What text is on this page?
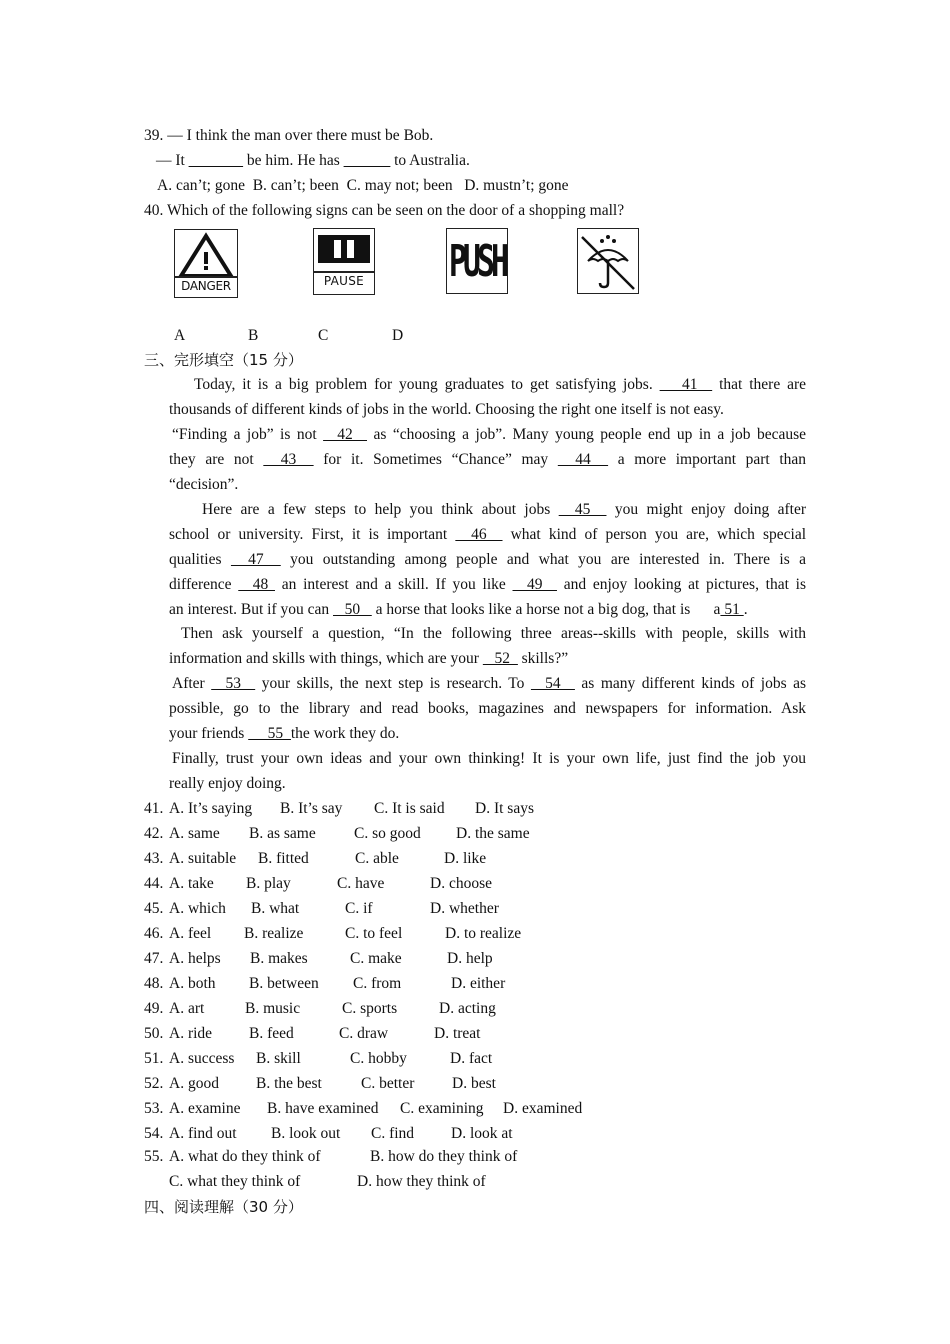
39. — I think the man over there must be Bob.
— It _______ be him. He has ______ to Australia.
A. can’t; gone  B. can’t; been  C. may not; been   D. mustn’t; gone
40. Which of the following signs can be seen on the door of a shopping mall?
DANGER	PAUSE	PUSH
A	B	C	D
三、完形填空（15 分）
Today, it is a big problem for young graduates to get satisfying jobs.  __41_  that there are
thousands of different kinds of jobs in the world. Choosing the right one itself is not easy.
“Finding a job” is not  _42_  as “choosing a job”. Many young people end up in a job because
they are not  _43_  for it. Sometimes “Chance” may  _44_  a more important part than
“decision”.
Here are a few steps to help you think about jobs  _45_  you might enjoy doing after
school or university. First, it is important  _46_  what kind of person you are, which special
qualities  _47_  you outstanding among people and what you are interested in. There is a
difference  _48  an interest and a skill. If you like  _49_  and enjoy looking at pictures, that is
an interest. But if you can  _50_  a horse that looks like a horse not a big dog, that is      a 51 .
Then ask yourself a question, “In the following three areas--skills with people, skills with
information and skills with things, which are your  _52_ skills?”
After  _53_  your skills, the next step is research. To  _54_  as many different kinds of jobs as
possible, go to the library and read books, magazines and newspapers for information. Ask
your friends  __55_the work they do.
Finally, trust your own ideas and your own thinking! It is your own life, just find the job you
really enjoy doing.
41. A. It’s saying B. It’s say C. It is said D. It says
42. A. same B. as same C. so good D. the same
43. A. suitable B. fitted	C. able	D. like
44. A. take B. play	C. have	D. choose
45. A. which B. what	C. if	D. whether
46. A. feel B. realize	C. to feel	D. to realize
47. A. helps B. makes	C. make	D. help
48. A. both B. between C. from	D. either
49. A. art	B. music	C. sports	D. acting
50. A. ride B. feed	C. draw	D. treat
51. A. success B. skill	C. hobby	D. fact
52. A. good B. the best	C. better D. best
53. A. examine B. have examined C. examining D. examined
54. A. find out B. look out C. find D. look at
55. A. what do they think of	B. how do they think of
C. what they think of	D. how they think of
四、阅读理解（30 分）
